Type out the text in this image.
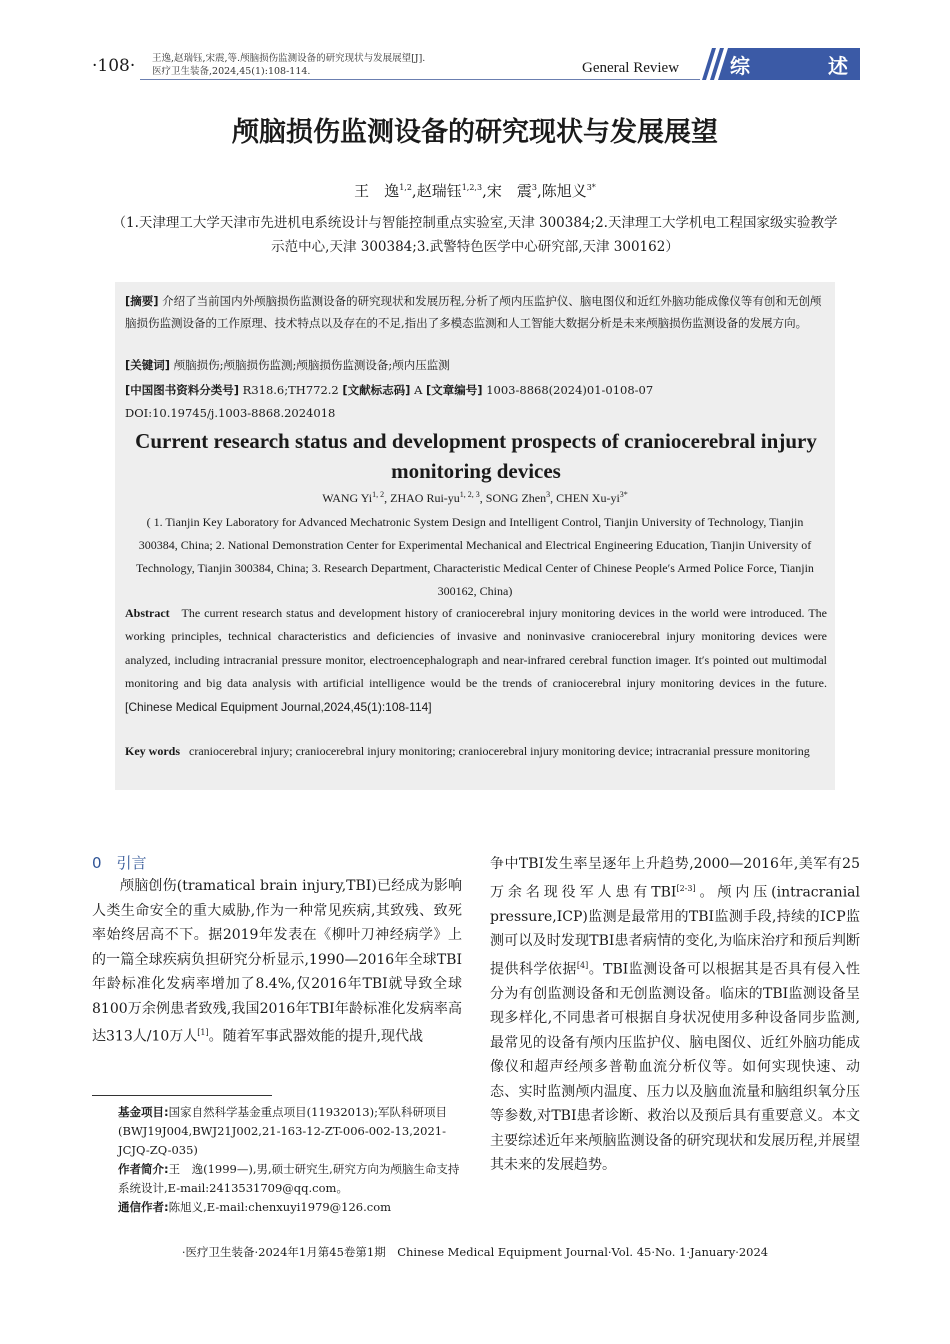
·108· 王逸,赵瑞钰,宋震,等.颅脑损伤监测设备的研究现状与发展展望[J].
医疗卫生装备,2024,45(1):108-114.	General Review	综	述
颅脑损伤监测设备的研究现状与发展展望
王　逸$^{1,2}$,赵瑞钰$^{1,2,3}$,宋　震$^3$,陈旭义$^{3*}$
（1.天津理工大学天津市先进机电系统设计与智能控制重点实验室,天津 300384;2.天津理工大学机电工程国家级实验教学示范中心,天津 300384;3.武警特色医学中心研究部,天津 300162）
[摘要] 介绍了当前国内外颅脑损伤监测设备的研究现状和发展历程,分析了颅内压监护仪、脑电图仪和近红外脑功能成像仪等有创和无创颅脑损伤监测设备的工作原理、技术特点以及存在的不足,指出了多模态监测和人工智能大数据分析是未来颅脑损伤监测设备的发展方向。
[关键词] 颅脑损伤;颅脑损伤监测;颅脑损伤监测设备;颅内压监测
[中国图书资料分类号] R318.6;TH772.2 [文献标志码] A [文章编号] 1003-8868(2024)01-0108-07
DOI:10.19745/j.1003-8868.2024018
Current research status and development prospects of craniocerebral injury monitoring devices
WANG Yi$^{1, 2}$, ZHAO Rui-yu$^{1, 2, 3}$, SONG Zhen$^3$, CHEN $Xu-yi^{3*}$
( 1. Tianjin Key Laboratory for Advanced Mechatronic System Design and Intelligent Control, Tianjin University of Technology, Tianjin 300384, China; 2. National Demonstration Center for Experimental Mechanical and Electrical Engineering Education, Tianjin University of Technology, Tianjin 300384, China; 3. Research Department, Characteristic Medical Center of Chinese People′s Armed Police Force, Tianjin 300162, China)
Abstract The current research status and development history of craniocerebral injury monitoring devices in the world were introduced. The working principles, technical characteristics and deficiencies of invasive and noninvasive craniocerebral injury monitoring devices were analyzed, including intracranial pressure monitor, electroencephalograph and near-infrared cerebral function imager. It′s pointed out multimodal monitoring and big data analysis with artificial intelligence would be the trends of craniocerebral injury monitoring devices in the future. [Chinese Medical Equipment Journal,2024,45(1):108-114]
Key words craniocerebral injury; craniocerebral injury monitoring; craniocerebral injury monitoring device; intracranial pressure monitoring
0　引言
颅脑创伤(tramatical brain injury,TBI)已经成为影响人类生命安全的重大威胁,作为一种常见疾病,其致残、致死率始终居高不下。据2019年发表在《柳叶刀神经病学》上的一篇全球疾病负担研究分析显示,1990—2016年全球TBI年龄标准化发病率增加了8.4%,仅2016年TBI就导致全球8100万余例患者致残,我国2016年TBI年龄标准化发病率高达313人/10万人[1]。随着军事武器效能的提升,现代战
争中TBI发生率呈逐年上升趋势,2000—2016年,美军有25万余名现役军人患有TBI[2-3]。颅内压(intracranial pressure,ICP)监测是最常用的TBI监测手段,持续的ICP监测可以及时发现TBI患者病情的变化,为临床治疗和预后判断提供科学依据[4]。TBI监测设备可以根据其是否具有侵入性分为有创监测设备和无创监测设备。临床的TBI监测设备呈现多样化,不同患者可根据自身状况使用多种设备同步监测,最常见的设备有颅内压监护仪、脑电图仪、近红外脑功能成像仪和超声经颅多普勒血流分析仪等。如何实现快速、动态、实时监测颅内温度、压力以及脑血流量和脑组织氧分压等参数,对TBI患者诊断、救治以及预后具有重要意义。本文主要综述近年来颅脑监测设备的研究现状和发展历程,并展望其未来的发展趋势。
基金项目:国家自然科学基金重点项目(11932013);军队科研项目(BWJ19J004,BWJ21J002,21-163-12-ZT-006-002-13,2021-JCJQ-ZQ-035)
作者简介:王　逸(1999—),男,硕士研究生,研究方向为颅脑生命支持系统设计,E-mail:2413531709@qq.com。
通信作者:陈旭义,E-mail:chenxuyi1979@126.com
·医疗卫生装备·2024年1月第45卷第1期　Chinese Medical Equipment Journal·Vol. 45·No. 1·January·2024
